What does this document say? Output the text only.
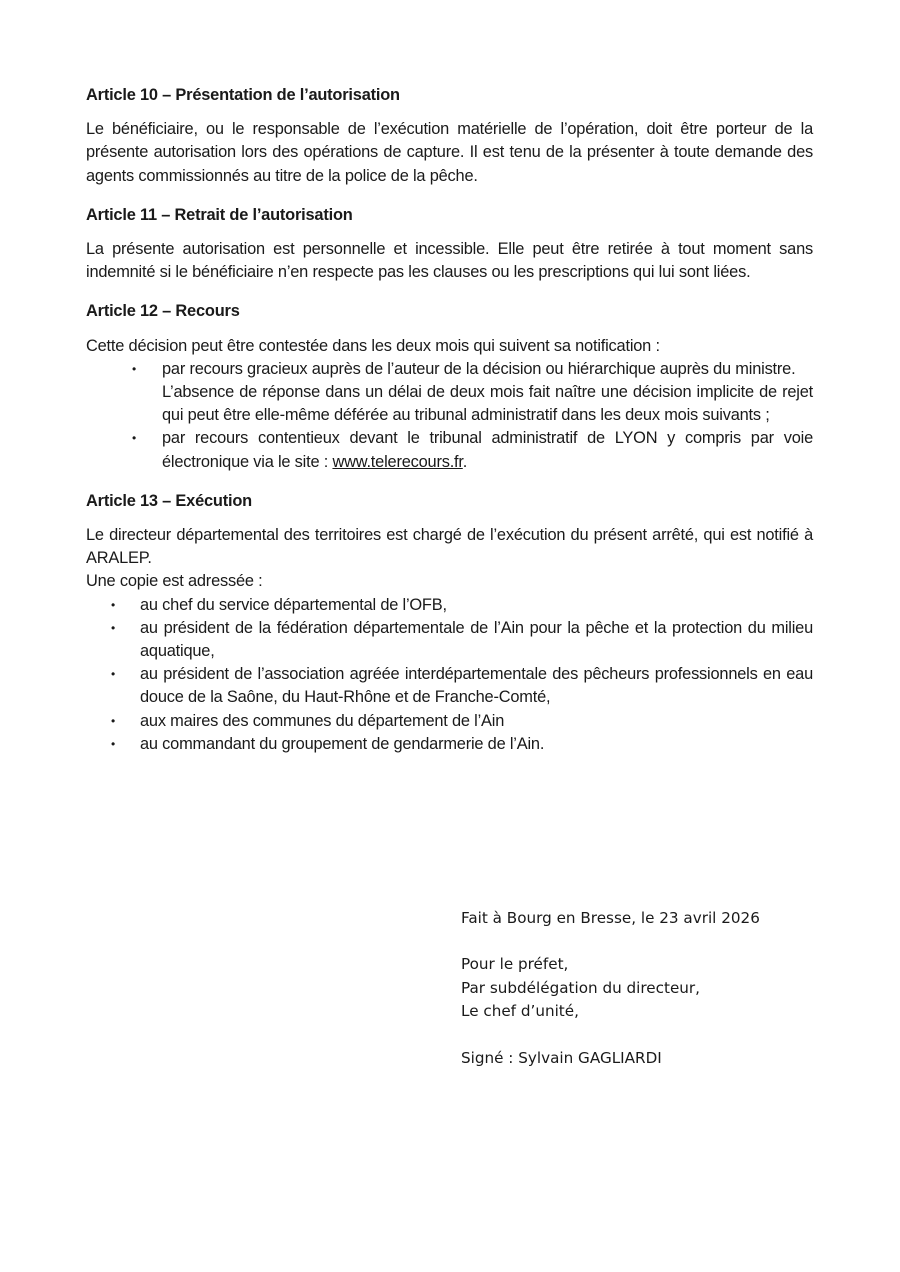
Article 10 – Présentation de l’autorisation

Le bénéficiaire, ou le responsable de l’exécution matérielle de l’opération, doit être porteur de la présente autorisation lors des opérations de capture. Il est tenu de la présenter à toute demande des agents commissionnés au titre de la police de la pêche.

Article 11 – Retrait de l’autorisation

La présente autorisation est personnelle et incessible. Elle peut être retirée à tout moment sans indemnité si le bénéficiaire n’en respecte pas les clauses ou les prescriptions qui lui sont liées.

Article 12 – Recours

Cette décision peut être contestée dans les deux mois qui suivent sa notification :

• par recours gracieux auprès de l’auteur de la décision ou hiérarchique auprès du ministre.
L’absence de réponse dans un délai de deux mois fait naître une décision implicite de rejet qui peut être elle-même déférée au tribunal administratif dans les deux mois suivants ;
• par recours contentieux devant le tribunal administratif de LYON y compris par voie électronique via le site : www.telerecours.fr.

Article 13 – Exécution

Le directeur départemental des territoires est chargé de l’exécution du présent arrêté, qui est notifié à ARALEP.

Une copie est adressée :

• au chef du service départemental de l’OFB,
• au président de la fédération départementale de l’Ain pour la pêche et la protection du milieu aquatique,
• au président de l’association agréée interdépartementale des pêcheurs professionnels en eau douce de la Saône, du Haut-Rhône et de Franche-Comté,
• aux maires des communes du département de l’Ain
• au commandant du groupement de gendarmerie de l’Ain.

Fait à Bourg en Bresse, le 23 avril 2026

Pour le préfet,

Par subdélégation du directeur,

Le chef d’unité,

Signé : Sylvain GAGLIARDI
